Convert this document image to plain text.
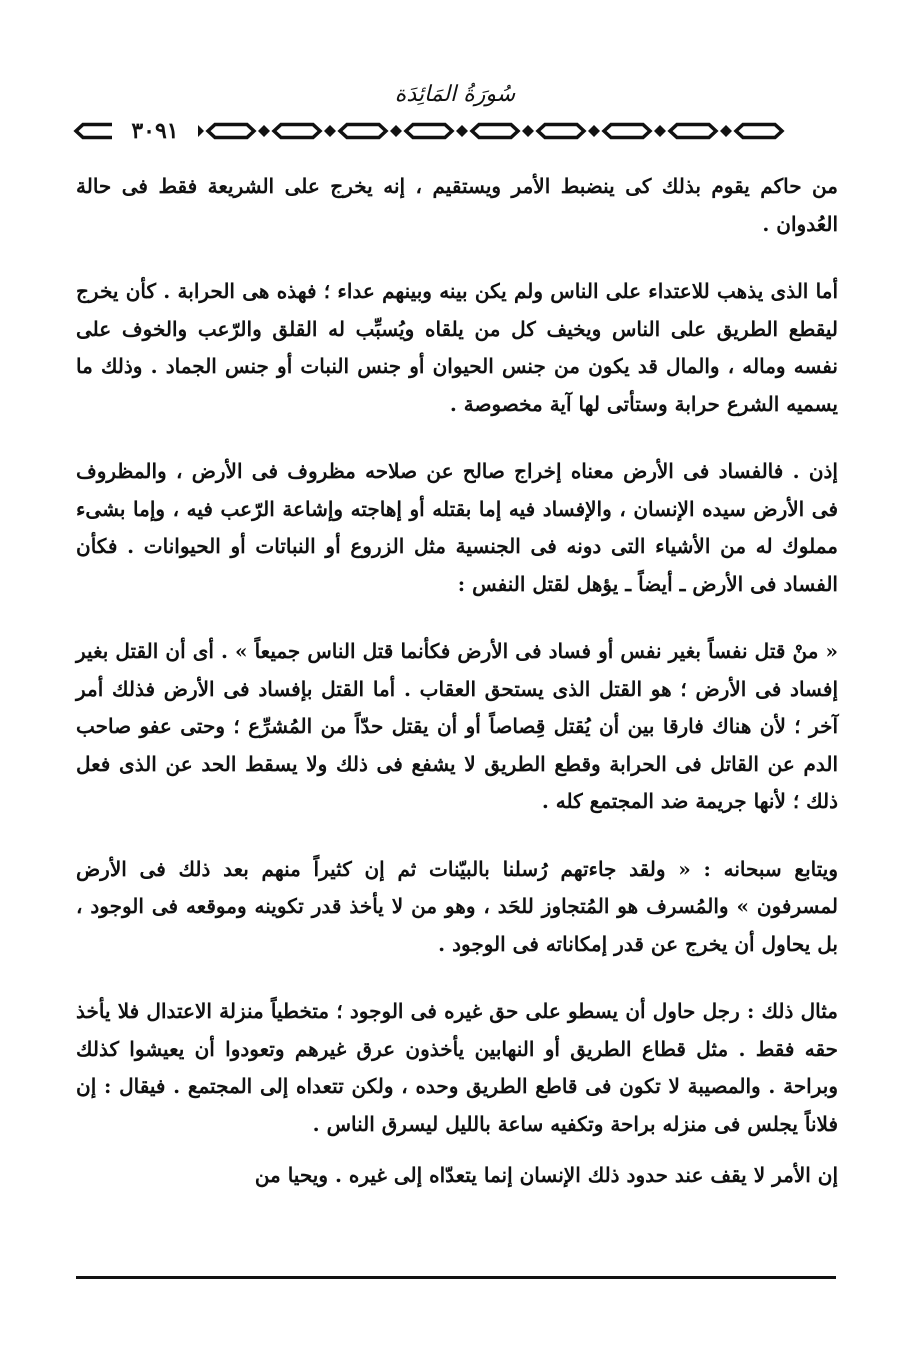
سُورَةُ المَائِدَة
٣٠٩١

من حاكم يقوم بذلك كى ينضبط الأمر ويستقيم ، إنه يخرج على الشريعة فقط فى حالة العُدوان .

أما الذى يذهب للاعتداء على الناس ولم يكن بينه وبينهم عداء ؛ فهذه هى الحرابة . كأن يخرج ليقطع الطريق على الناس ويخيف كل من يلقاه ويُسبِّب له القلق والرّعب والخوف على نفسه وماله ، والمال قد يكون من جنس الحيوان أو جنس النبات أو جنس الجماد . وذلك ما يسميه الشرع حرابة وستأتى لها آية مخصوصة .

إذن . فالفساد فى الأرض معناه إخراج صالح عن صلاحه مظروف فى الأرض ، والمظروف فى الأرض سيده الإنسان ، والإفساد فيه إما بقتله أو إهاجته وإشاعة الرّعب فيه ، وإما بشىء مملوك له من الأشياء التى دونه فى الجنسية مثل الزروع أو النباتات أو الحيوانات . فكأن الفساد فى الأرض ـ أيضاً ـ يؤهل لقتل النفس :

« منْ قتل نفساً بغير نفس أو فساد فى الأرض فكأنما قتل الناس جميعاً » . أى أن القتل بغير إفساد فى الأرض ؛ هو القتل الذى يستحق العقاب . أما القتل بإفساد فى الأرض فذلك أمر آخر ؛ لأن هناك فارقا بين أن يُقتل قِصاصاً أو أن يقتل حدّاً من المُشرِّع ؛ وحتى عفو صاحب الدم عن القاتل فى الحرابة وقطع الطريق لا يشفع فى ذلك ولا يسقط الحد عن الذى فعل ذلك ؛ لأنها جريمة ضد المجتمع كله .

ويتابع سبحانه : « ولقد جاءتهم رُسلنا بالبيّنات ثم إن كثيراً منهم بعد ذلك فى الأرض لمسرفون » والمُسرف هو المُتجاوز للحَد ، وهو من لا يأخذ قدر تكوينه وموقعه فى الوجود ، بل يحاول أن يخرج عن قدر إمكاناته فى الوجود .

مثال ذلك : رجل حاول أن يسطو على حق غيره فى الوجود ؛ متخطياً منزلة الاعتدال فلا يأخذ حقه فقط . مثل قطاع الطريق أو النهابين يأخذون عرق غيرهم وتعودوا أن يعيشوا كذلك وبراحة . والمصيبة لا تكون فى قاطع الطريق وحده ، ولكن تتعداه إلى المجتمع . فيقال : إن فلاناً يجلس فى منزله براحة وتكفيه ساعة بالليل ليسرق الناس .

إن الأمر لا يقف عند حدود ذلك الإنسان إنما يتعدّاه إلى غيره . ويحيا من
